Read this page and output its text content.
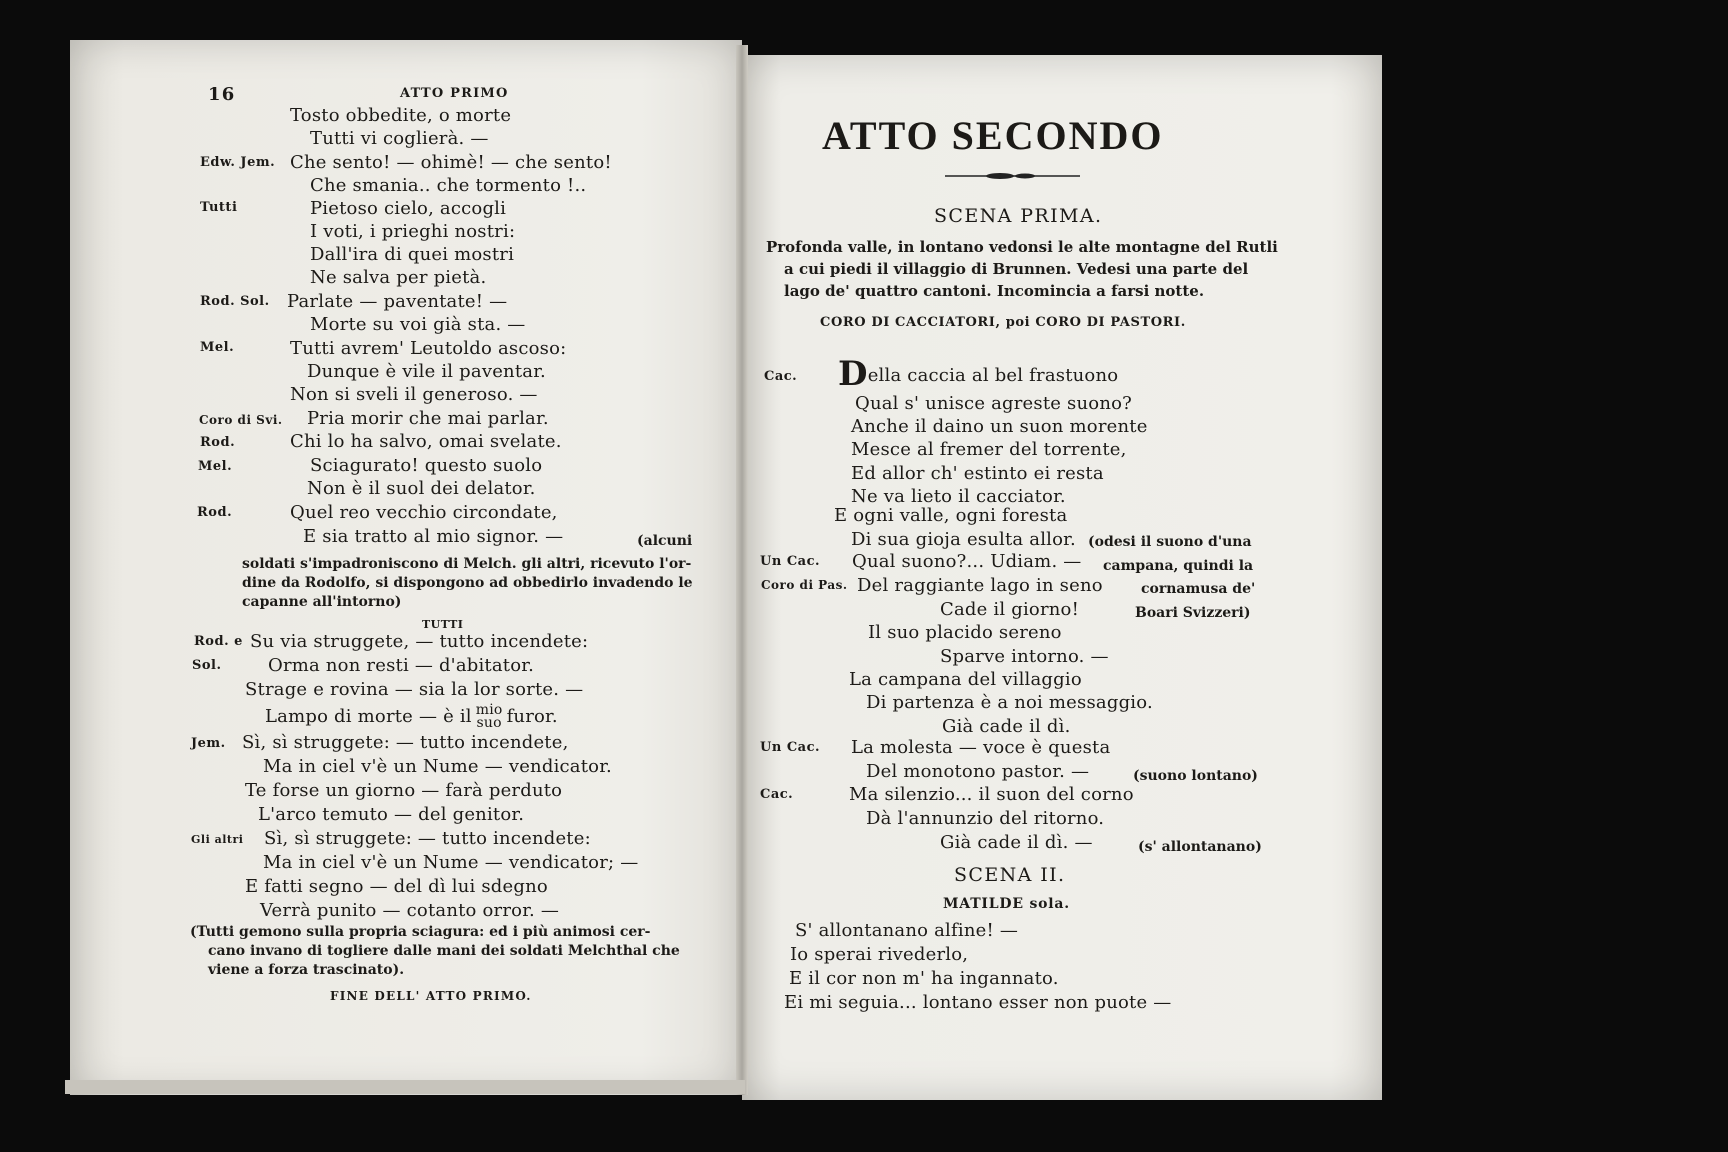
16	ATTO PRIMO
Tosto obbedite, o morte
Tutti vi coglierà. —
Edw. Jem. Che sento! — ohimè! — che sento!
Che smania.. che tormento !..
Tutti	Pietoso cielo, accogli
I voti, i prieghi nostri:
Dall'ira di quei mostri
Ne salva per pietà.
Rod. Sol. Parlate — paventate! —
Morte su voi già sta. —
Mel.	Tutti avrem' Leutoldo ascoso:
Dunque è vile il paventar.
Non si sveli il generoso. —
Coro di Svi. Pria morir che mai parlar.
Rod.	Chi lo ha salvo, omai svelate.
Mel.	Sciagurato! questo suolo
Non è il suol dei delator.
Rod.	Quel reo vecchio circondate,
E sia tratto al mio signor. —	(alcuni
soldati s'impadroniscono di Melch. gli altri, ricevuto l'or-
dine da Rodolfo, si dispongono ad obbedirlo invadendo le
capanne all'intorno)
TUTTI
Rod. e Su via struggete, — tutto incendete:
Sol.	Orma non resti — d'abitator.
Strage e rovina — sia la lor sorte. —
Lampo di morte — è il mio
suo furor.
Jem. Sì, sì struggete: — tutto incendete,
Ma in ciel v'è un Nume — vendicator.
Te forse un giorno — farà perduto
L'arco temuto — del genitor.
Gli altri Sì, sì struggete: — tutto incendete:
Ma in ciel v'è un Nume — vendicator; —
E fatti segno — del dì lui sdegno
Verrà punito — cotanto orror. —
(Tutti gemono sulla propria sciagura: ed i più animosi cer-
cano invano di togliere dalle mani dei soldati Melchthal che
viene a forza trascinato).
FINE DELL' ATTO PRIMO.
ATTO SECONDO
SCENA PRIMA.
Profonda valle, in lontano vedonsi le alte montagne del Rutli
a cui piedi il villaggio di Brunnen. Vedesi una parte del
lago de' quattro cantoni. Incomincia a farsi notte.
CORO DI CACCIATORI, poi CORO DI PASTORI.
Cac. Della caccia al bel frastuono
Qual s' unisce agreste suono?
Anche il daino un suon morente
Mesce al fremer del torrente,
Ed allor ch' estinto ei resta
Ne va lieto il cacciator.
E ogni valle, ogni foresta
Di sua gioja esulta allor. (odesi il suono d'una
Un Cac. Qual suono?... Udiam. — campana, quindi la
Coro di Pas. Del raggiante lago in seno	cornamusa de'
Cade il giorno!	Boari Svizzeri)
Il suo placido sereno
Sparve intorno. —
La campana del villaggio
Di partenza è a noi messaggio.
Già cade il dì.
Un Cac. La molesta — voce è questa
Del monotono pastor. —	(suono lontano)
Cac.	Ma silenzio... il suon del corno
Dà l'annunzio del ritorno.
Già cade il dì. —	(s' allontanano)
SCENA II.
MATILDE sola.
S' allontanano alfine! —
Io sperai rivederlo,
E il cor non m' ha ingannato.
Ei mi seguia... lontano esser non puote —
